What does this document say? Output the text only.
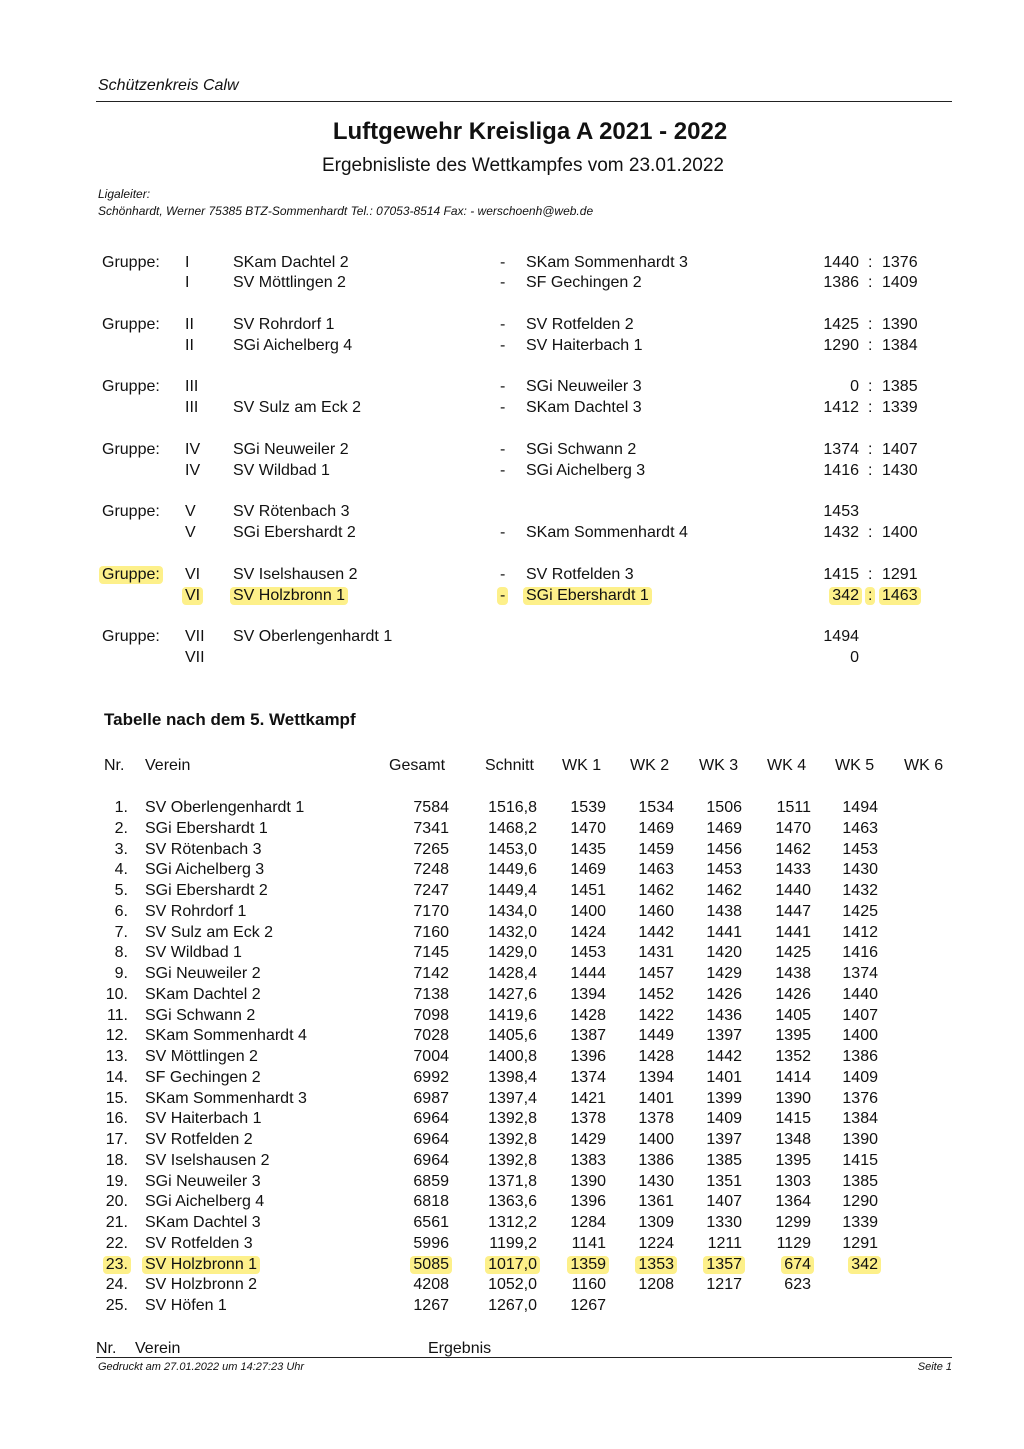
Schützenkreis Calw
Luftgewehr Kreisliga A 2021 - 2022
Ergebnisliste des Wettkampfes vom 23.01.2022
Ligaleiter:
Schönhardt, Werner 75385 BTZ-Sommenhardt Tel.: 07053-8514 Fax: - werschoenh@web.de
Gruppe: I	SKam Dachtel 2	- SKam Sommenhardt 3	1440 : 1376
I	SV Möttlingen 2	- SF Gechingen 2	1386 : 1409
Gruppe: II SV Rohrdorf 1	- SV Rotfelden 2	1425 : 1390
II SGi Aichelberg 4	- SV Haiterbach 1	1290 : 1384
Gruppe: III	- SGi Neuweiler 3	0 : 1385
III SV Sulz am Eck 2	- SKam Dachtel 3	1412 : 1339
Gruppe: IV SGi Neuweiler 2	- SGi Schwann 2	1374 : 1407
IV SV Wildbad 1	- SGi Aichelberg 3	1416 : 1430
Gruppe: V SV Rötenbach 3	1453
V SGi Ebershardt 2	- SKam Sommenhardt 4	1432 : 1400
Gruppe: VI SV Iselshausen 2	- SV Rotfelden 3	1415 : 1291
VI SV Holzbronn 1	- SGi Ebershardt 1	342 : 1463
Gruppe: VII SV Oberlengenhardt 1	1494
VII	0
Tabelle nach dem 5. Wettkampf
Nr. Verein	Gesamt Schnitt WK 1 WK 2 WK 3 WK 4 WK 5 WK 6
1. SV Oberlengenhardt 1	7584 1516,8 1539 1534 1506 1511 1494
2. SGi Ebershardt 1	7341 1468,2 1470 1469 1469 1470 1463
3. SV Rötenbach 3	7265 1453,0 1435 1459 1456 1462 1453
4. SGi Aichelberg 3	7248 1449,6 1469 1463 1453 1433 1430
5. SGi Ebershardt 2	7247 1449,4 1451 1462 1462 1440 1432
6. SV Rohrdorf 1	7170 1434,0 1400 1460 1438 1447 1425
7. SV Sulz am Eck 2	7160 1432,0 1424 1442 1441 1441 1412
8. SV Wildbad 1	7145 1429,0 1453 1431 1420 1425 1416
9. SGi Neuweiler 2	7142 1428,4 1444 1457 1429 1438 1374
10. SKam Dachtel 2	7138 1427,6 1394 1452 1426 1426 1440
11. SGi Schwann 2	7098 1419,6 1428 1422 1436 1405 1407
12. SKam Sommenhardt 4	7028 1405,6 1387 1449 1397 1395 1400
13. SV Möttlingen 2	7004 1400,8 1396 1428 1442 1352 1386
14. SF Gechingen 2	6992 1398,4 1374 1394 1401 1414 1409
15. SKam Sommenhardt 3	6987 1397,4 1421 1401 1399 1390 1376
16. SV Haiterbach 1	6964 1392,8 1378 1378 1409 1415 1384
17. SV Rotfelden 2	6964 1392,8 1429 1400 1397 1348 1390
18. SV Iselshausen 2	6964 1392,8 1383 1386 1385 1395 1415
19. SGi Neuweiler 3	6859 1371,8 1390 1430 1351 1303 1385
20. SGi Aichelberg 4	6818 1363,6 1396 1361 1407 1364 1290
21. SKam Dachtel 3	6561 1312,2 1284 1309 1330 1299 1339
22. SV Rotfelden 3	5996	1199,2 1141 1224 1211 1129 1291
23. SV Holzbronn 1	5085 1017,0 1359 1353 1357	674	342
24. SV Holzbronn 2	4208 1052,0 1160 1208 1217	623
25. SV Höfen 1	1267 1267,0 1267
Nr. Verein	Ergebnis
Gedruckt am 27.01.2022 um 14:27:23 Uhr	Seite 1
